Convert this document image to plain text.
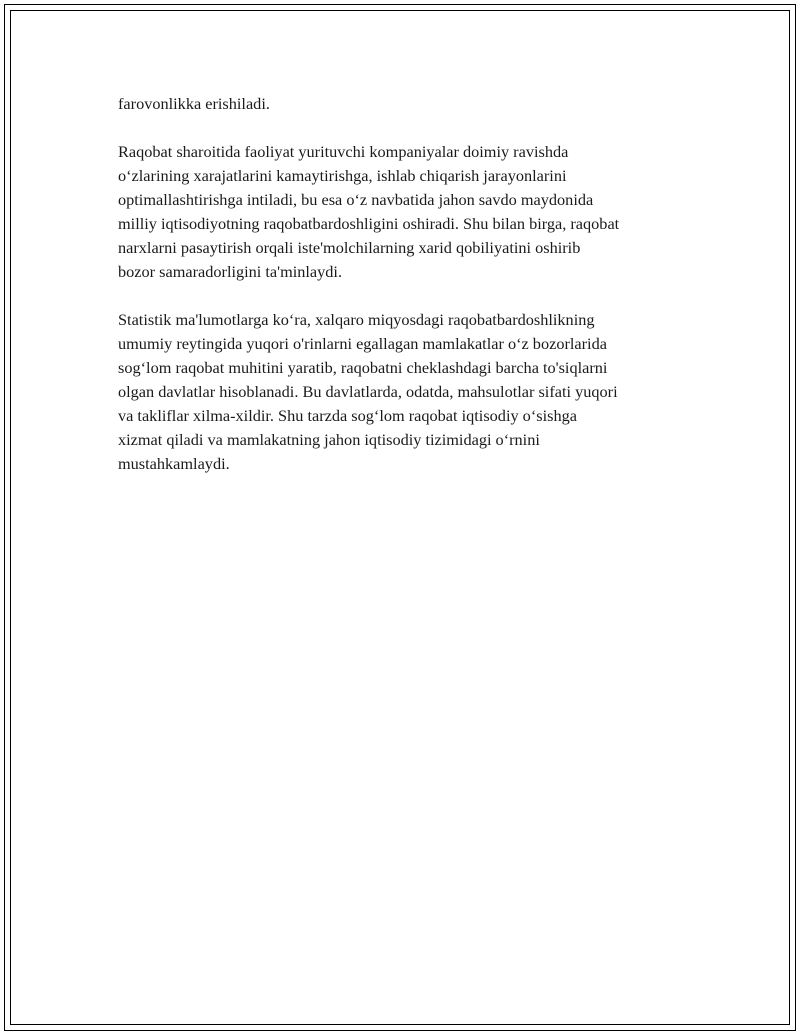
farovonlikka erishiladi.

Raqobat sharoitida faoliyat yurituvchi kompaniyalar doimiy ravishda
o‘zlarining xarajatlarini kamaytirishga, ishlab chiqarish jarayonlarini
optimallashtirishga intiladi, bu esa o‘z navbatida jahon savdo maydonida
milliy iqtisodiyotning raqobatbardoshligini oshiradi. Shu bilan birga, raqobat
narxlarni pasaytirish orqali iste'molchilarning xarid qobiliyatini oshirib
bozor samaradorligini ta'minlaydi.

Statistik ma'lumotlarga ko‘ra, xalqaro miqyosdagi raqobatbardoshlikning
umumiy reytingida yuqori o'rinlarni egallagan mamlakatlar o‘z bozorlarida
sog‘lom raqobat muhitini yaratib, raqobatni cheklashdagi barcha to'siqlarni
olgan davlatlar hisoblanadi. Bu davlatlarda, odatda, mahsulotlar sifati yuqori
va takliflar xilma-xildir. Shu tarzda sog‘lom raqobat iqtisodiy o‘sishga
xizmat qiladi va mamlakatning jahon iqtisodiy tizimidagi o‘rnini
mustahkamlaydi.
